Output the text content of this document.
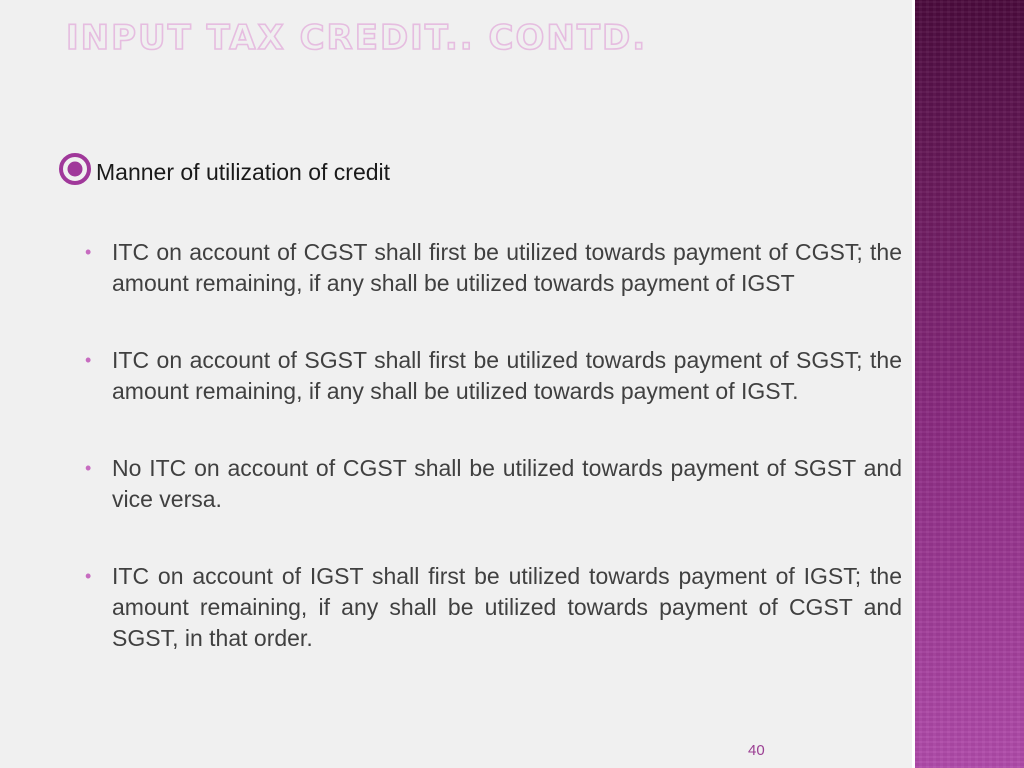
INPUT TAX CREDIT.. CONTD.
Manner of utilization of credit
• ITC on account of CGST shall first be utilized towards payment of CGST; the amount remaining, if any shall be utilized towards payment of IGST
• ITC on account of SGST shall first be utilized towards payment of SGST; the amount remaining, if any shall be utilized towards payment of IGST.
• No ITC on account of CGST shall be utilized towards payment of SGST and vice versa.
• ITC on account of IGST shall first be utilized towards payment of IGST; the amount remaining, if any shall be utilized towards payment of CGST and SGST, in that order.
40
